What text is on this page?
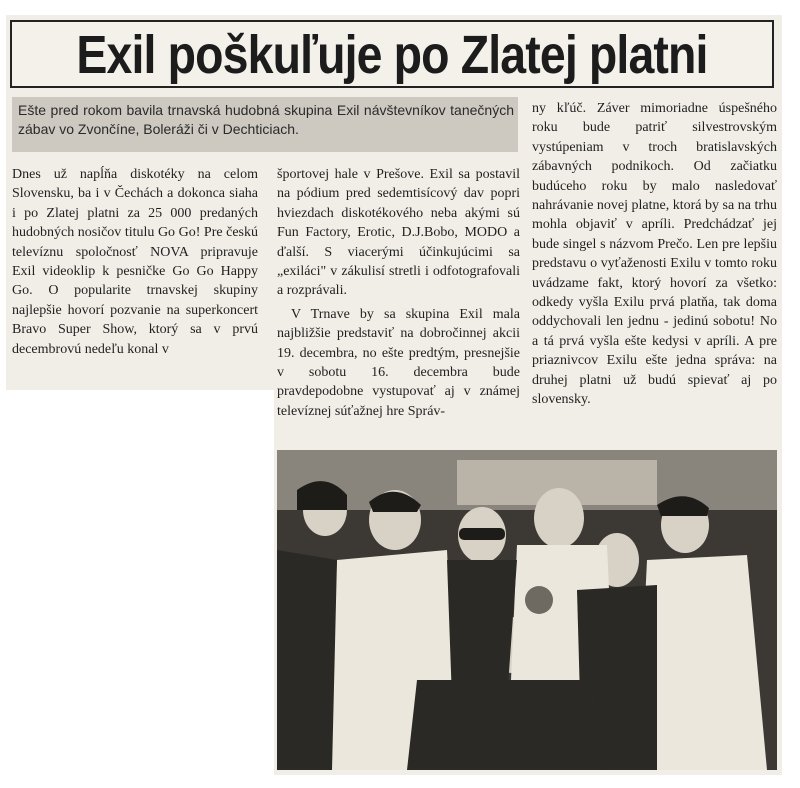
Exil poškuľuje po Zlatej platni
Ešte pred rokom bavila trnavská hudobná skupina Exil návštevníkov tanečných zábav vo Zvončíne, Boleráži či v Dechticiach.

Dnes už napĺňa diskotéky na celom Slovensku, ba i v Čechách a dokonca siaha i po Zlatej platni za 25 000 predaných hudobných nosičov titulu Go Go! Pre českú televíznu spoločnosť NOVA pripravuje Exil videoklip k pesničke Go Go Happy Go. O popularite trnavskej skupiny najlepšie hovorí pozvanie na superkoncert Bravo Super Show, ktorý sa v prvú decembrovú nedeľu konal v

športovej hale v Prešove. Exil sa postavil na pódium pred sedemtisícový dav popri hviezdach diskotékového neba akými sú Fun Factory, Erotic, D.J.Bobo, MODO a ďalší. S viacerými účinkujúcimi sa „exiláci" v zákulisí stretli i odfotografovali a rozprávali.

V Trnave by sa skupina Exil mala najbližšie predstaviť na dobročinnej akcii 19. decembra, no ešte predtým, presnejšie v sobotu 16. decembra bude pravdepodobne vystupovať aj v známej televíznej súťažnej hre Správ-

ny kľúč. Záver mimoriadne úspešného roku bude patriť silvestrovským vystúpeniam v troch bratislavských zábavných podnikoch. Od začiatku budúceho roku by malo nasledovať nahrávanie novej platne, ktorá by sa na trhu mohla objaviť v apríli. Predchádzať jej bude singel s názvom Prečo. Len pre lepšiu predstavu o vyťaženosti Exilu v tomto roku uvádzame fakt, ktorý hovorí za všetko: odkedy vyšla Exilu prvá platňa, tak doma oddychovali len jednu - jedinú sobotu! No a tá prvá vyšla ešte kedysi v apríli. A pre priaznivcov Exilu ešte jedna správa: na druhej platni už budú spievať aj po slovensky.
